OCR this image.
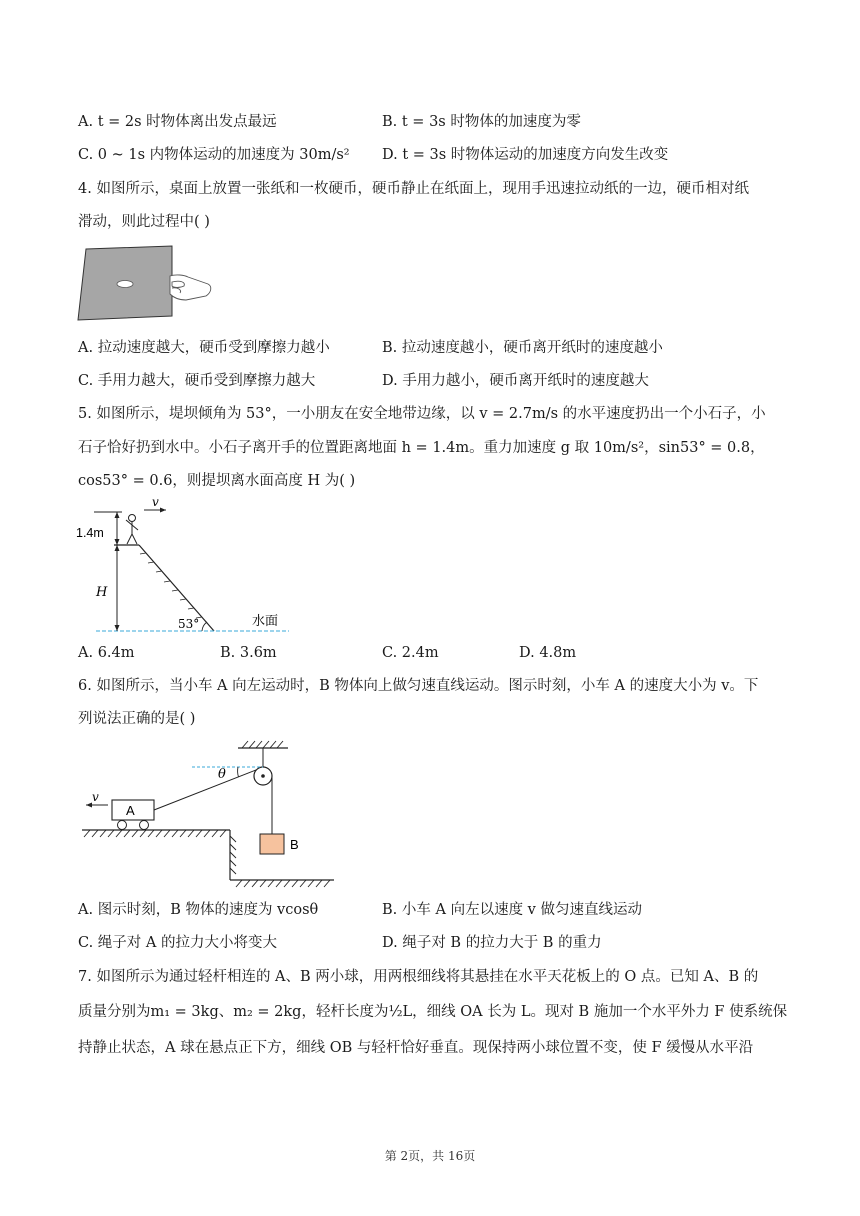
A. t = 2s 时物体离出发点最远	B. t = 3s 时物体的加速度为零
C. 0 ~ 1s 内物体运动的加速度为 30m/s² D. t = 3s 时物体运动的加速度方向发生改变
4. 如图所示，桌面上放置一张纸和一枚硬币，硬币静止在纸面上，现用手迅速拉动纸的一边，硬币相对纸
滑动，则此过程中( )
A. 拉动速度越大，硬币受到摩擦力越小	B. 拉动速度越小，硬币离开纸时的速度越小
C. 手用力越大，硬币受到摩擦力越大	D. 手用力越小，硬币离开纸时的速度越大
5. 如图所示，堤坝倾角为 53°，一小朋友在安全地带边缘，以 v = 2.7m/s 的水平速度扔出一个小石子，小
石子恰好扔到水中。小石子离开手的位置距离地面 h = 1.4m。重力加速度 g 取 10m/s²，sin53° = 0.8，
cos53° = 0.6，则提坝离水面高度 H 为( )
v
1.4m
H
53°	水面
A. 6.4m	B. 3.6m	C. 2.4m	D. 4.8m
6. 如图所示，当小车 A 向左运动时，B 物体向上做匀速直线运动。图示时刻，小车 A 的速度大小为 v。下
列说法正确的是( )
θ
A
v
B
A. 图示时刻，B 物体的速度为 vcosθ	B. 小车 A 向左以速度 v 做匀速直线运动
C. 绳子对 A 的拉力大小将变大	D. 绳子对 B 的拉力大于 B 的重力
7. 如图所示为通过轻杆相连的 A、B 两小球，用两根细线将其悬挂在水平天花板上的 O 点。已知 A、B 的
质量分别为m₁ = 3kg、m₂ = 2kg，轻杆长度为½L，细线 OA 长为 L。现对 B 施加一个水平外力 F 使系统保
持静止状态，A 球在悬点正下方，细线 OB 与轻杆恰好垂直。现保持两小球位置不变，使 F 缓慢从水平沿
第 2页，共 16页
